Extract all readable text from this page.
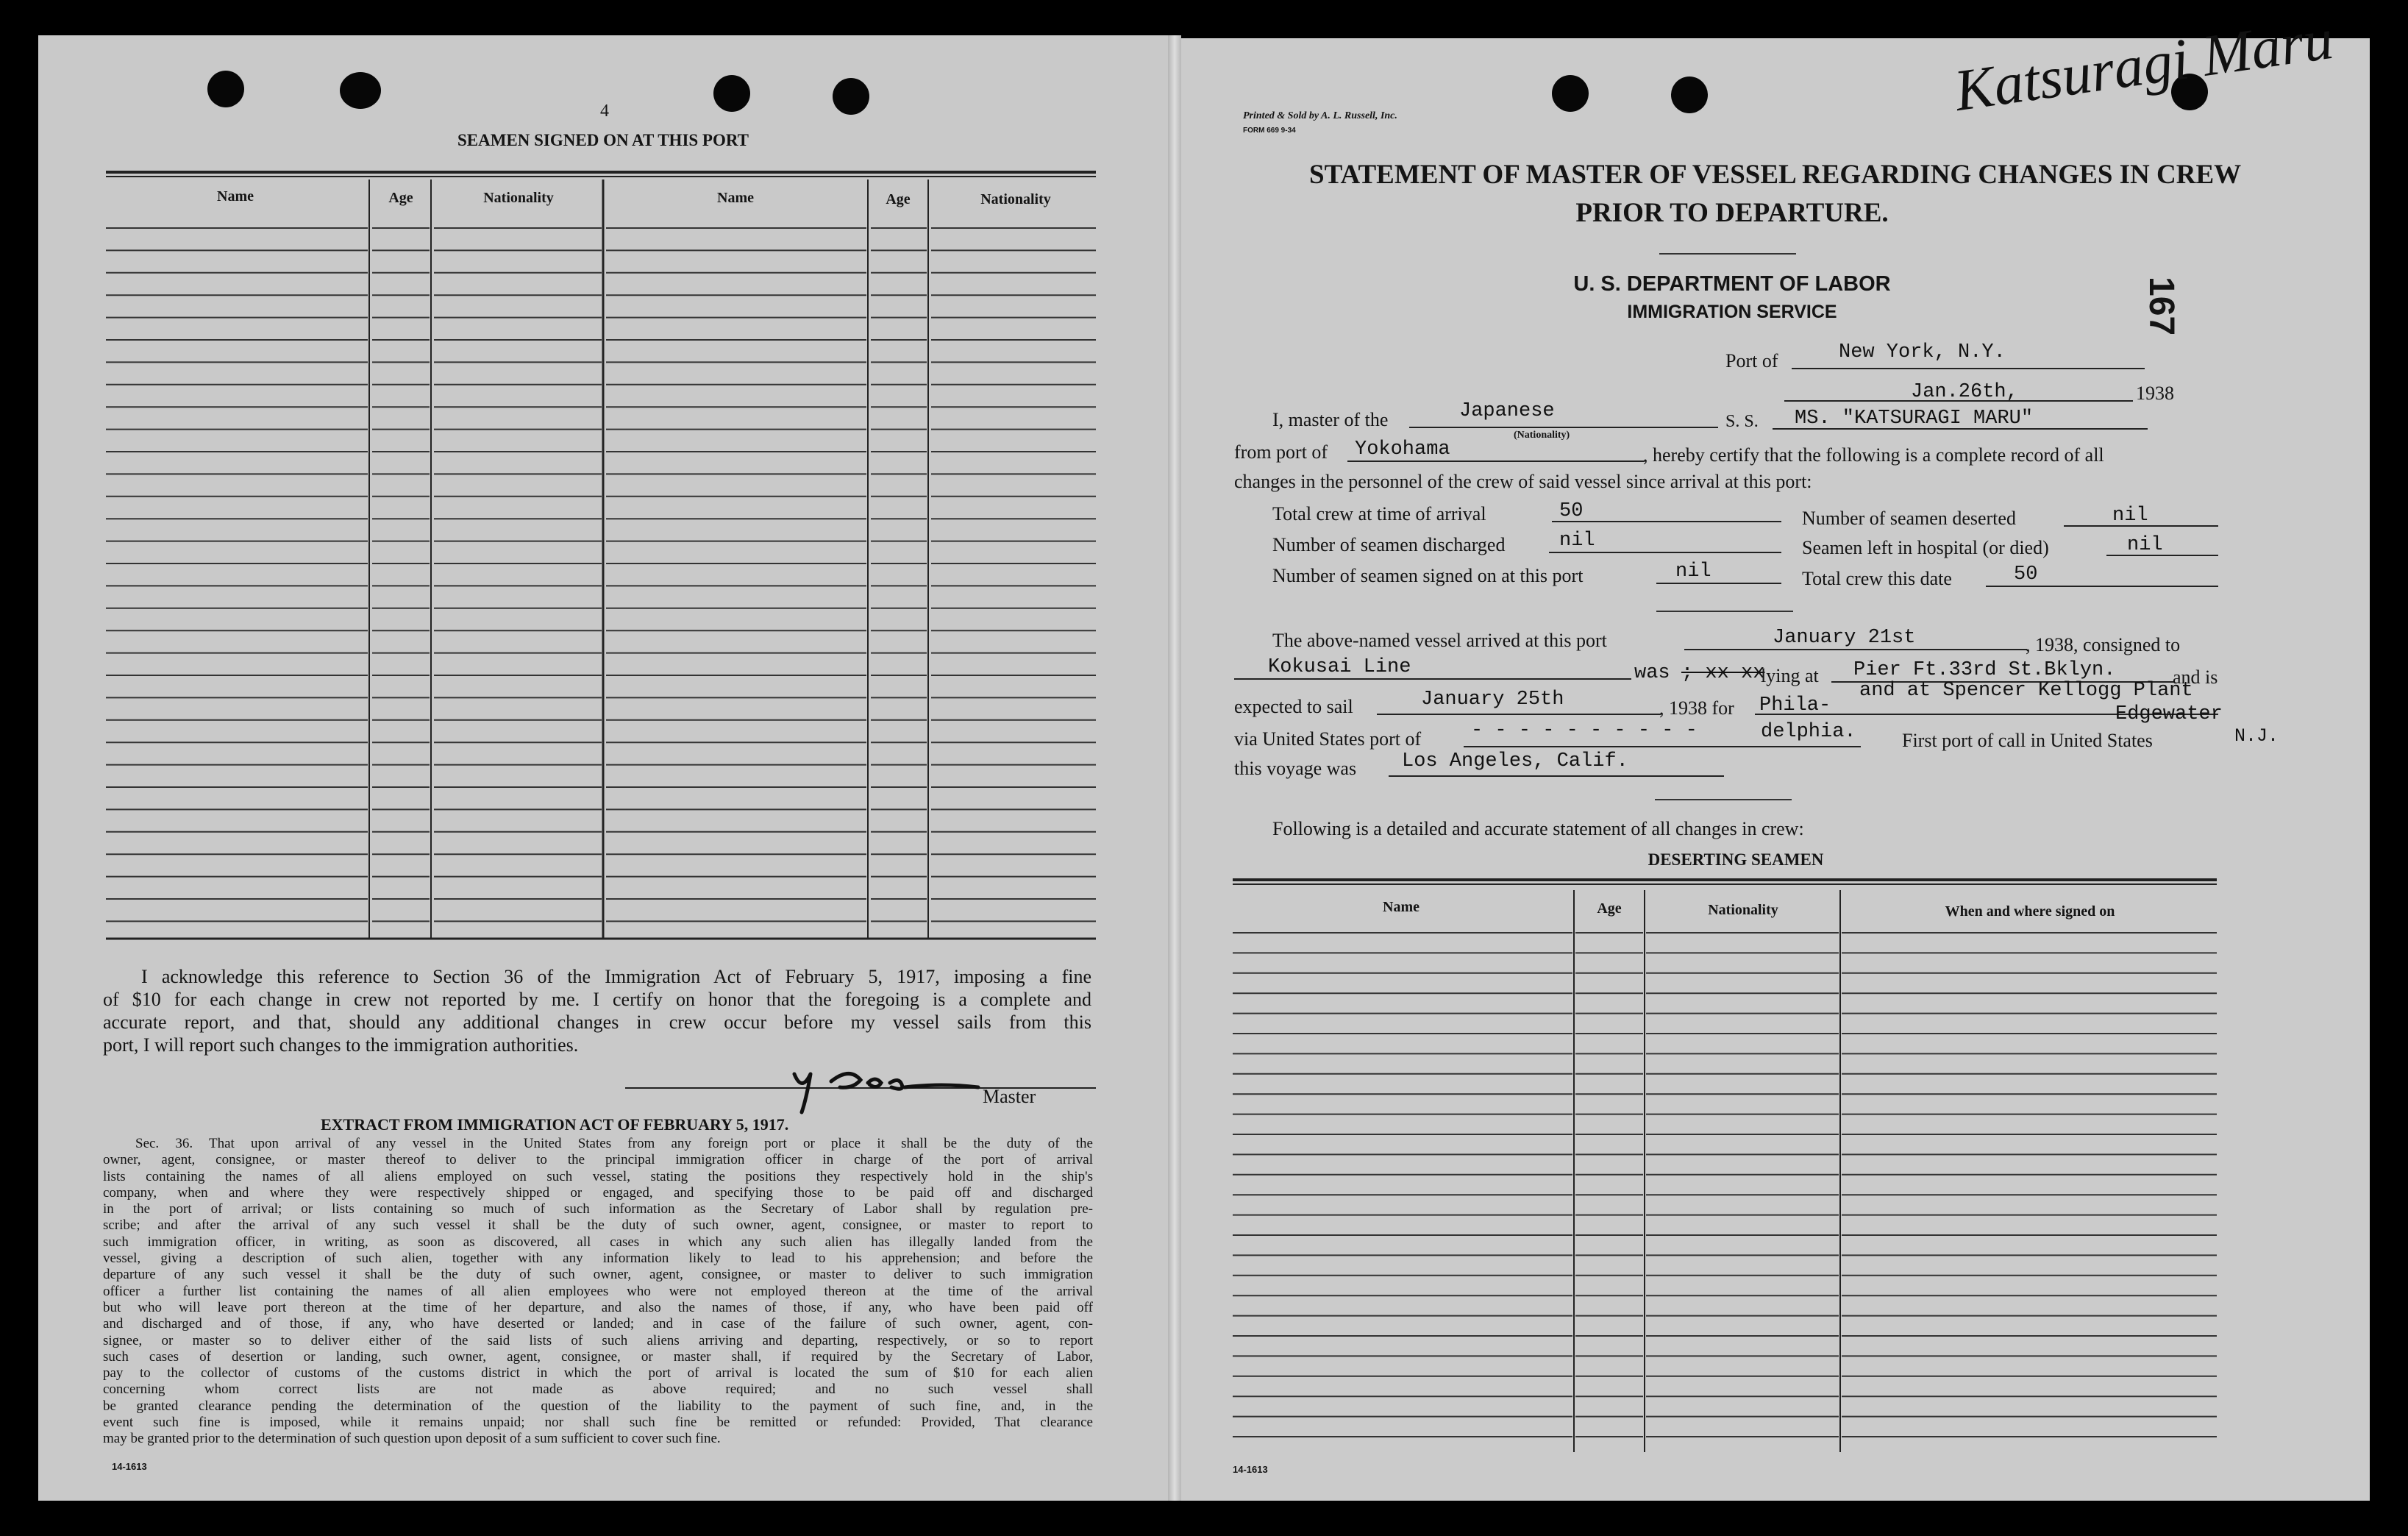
4
SEAMEN SIGNED ON AT THIS PORT
Name	Age	Nationality	Name	Age	Nationality
I acknowledge this reference to Section 36 of the Immigration Act of February 5, 1917, imposing a fine
of $10 for each change in crew not reported by me. I certify on honor that the foregoing is a complete and
accurate report, and that, should any additional changes in crew occur before my vessel sails from this
port, I will report such changes to the immigration authorities.
Master
EXTRACT FROM IMMIGRATION ACT OF FEBRUARY 5, 1917.
Sec. 36. That upon arrival of any vessel in the United States from any foreign port or place it shall be the duty of the
owner, agent, consignee, or master thereof to deliver to the principal immigration officer in charge of the port of arrival
lists containing the names of all aliens employed on such vessel, stating the positions they respectively hold in the ship's
company, when and where they were respectively shipped or engaged, and specifying those to be paid off and discharged
in the port of arrival; or lists containing so much of such information as the Secretary of Labor shall by regulation pre-
scribe; and after the arrival of any such vessel it shall be the duty of such owner, agent, consignee, or master to report to
such immigration officer, in writing, as soon as discovered, all cases in which any such alien has illegally landed from the
vessel, giving a description of such alien, together with any information likely to lead to his apprehension; and before the
departure of any such vessel it shall be the duty of such owner, agent, consignee, or master to deliver to such immigration
officer a further list containing the names of all alien employees who were not employed thereon at the time of the arrival
but who will leave port thereon at the time of her departure, and also the names of those, if any, who have been paid off
and discharged and of those, if any, who have deserted or landed; and in case of the failure of such owner, agent, con-
signee, or master so to deliver either of the said lists of such aliens arriving and departing, respectively, or so to report
such cases of desertion or landing, such owner, agent, consignee, or master shall, if required by the Secretary of Labor,
pay to the collector of customs of the customs district in which the port of arrival is located the sum of $10 for each alien
concerning whom correct lists are not made as above required; and no such vessel shall
be granted clearance pending the determination of the question of the liability to the payment of such fine, and, in the
event such fine is imposed, while it remains unpaid; nor shall such fine be remitted or refunded: Provided, That clearance
may be granted prior to the determination of such question upon deposit of a sum sufficient to cover such fine.
14-1613
Printed & Sold by A. L. Russell, Inc.
FORM 669 9-34
Katsuragi Maru
STATEMENT OF MASTER OF VESSEL REGARDING CHANGES IN CREW
PRIOR TO DEPARTURE.
U. S. DEPARTMENT OF LABOR
IMMIGRATION SERVICE	167
Port of	New York, N.Y.
Jan.26th,	1938
I, master of the	Japanese
(Nationality)
S. S. MS. "KATSURAGI MARU"
from port of Yokohama	, hereby certify that the following is a complete record of all
changes in the personnel of the crew of said vessel since arrival at this port:
Total crew at time of arrival	50
Number of seamen discharged	nil
Number of seamen signed on at this port	nil
Number of seamen deserted	nil
Seamen left in hospital (or died)	nil
Total crew this date	50
The above-named vessel arrived at this port	January 21st	, 1938, consigned to
Kokusai Line	was ; xx xx
lying at Pier Ft.33rd St.Bklyn.	and is
and at Spencer Kellogg Plant
expected to sail	January 25th	, 1938 for Phila-	Edgewater
via United States port of	- - - - - - - - - -	delphia. First port of call in United States	N.J.
this voyage was Los Angeles, Calif.
Following is a detailed and accurate statement of all changes in crew:
DESERTING SEAMEN
Name	Age	Nationality	When and where signed on
14-1613
